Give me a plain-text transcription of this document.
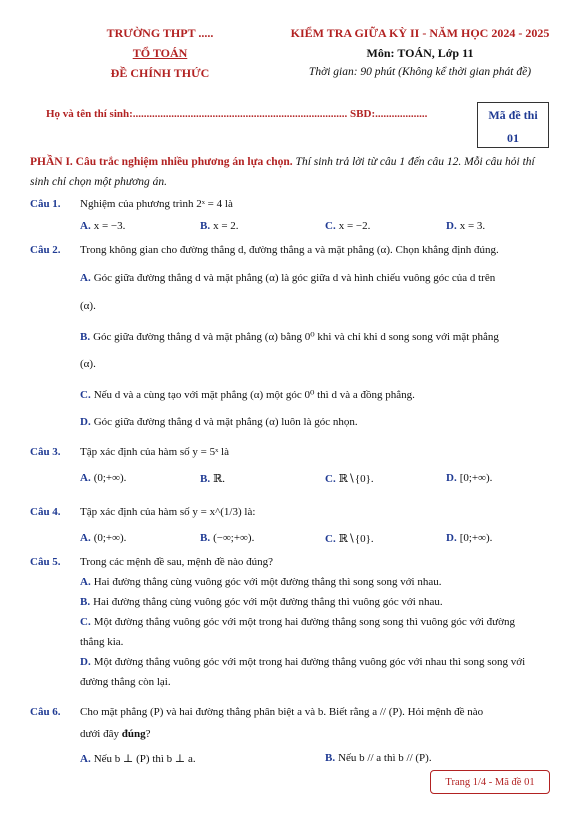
TRƯỜNG THPT .....
TỔ TOÁN
ĐỀ CHÍNH THỨC
KIỂM TRA GIỮA KỲ II - NĂM HỌC 2024 - 2025
Môn: TOÁN, Lớp 11
Thời gian: 90 phút (Không kể thời gian phát đề)
Họ và tên thí sinh:.............................................................................. SBD:...................	Mã đề thi
01
PHẦN I. Câu trắc nghiệm nhiều phương án lựa chọn. Thí sinh trả lời từ câu 1 đến câu 12. Mỗi câu hỏi thí
sinh chỉ chọn một phương án.
Câu 1. Nghiệm của phương trình 2ˣ = 4 là
A. x = −3.	B. x = 2.	C. x = −2.	D. x = 3.
Câu 2. Trong không gian cho đường thẳng d, đường thẳng a và mặt phẳng (α). Chọn khẳng định đúng.
A. Góc giữa đường thẳng d và mặt phẳng (α) là góc giữa d và hình chiếu vuông góc của d trên
(α).
B. Góc giữa đường thẳng d và mặt phẳng (α) bằng 0⁰ khi và chỉ khi d song song với mặt phẳng
(α).
C. Nếu d và a cùng tạo với mặt phẳng (α) một góc 0⁰ thì d và a đồng phẳng.
D. Góc giữa đường thẳng d và mặt phẳng (α) luôn là góc nhọn.
Câu 3. Tập xác định của hàm số y = 5ˣ là
A. (0;+∞).	B. ℝ.	C. ℝ∖{0}.	D. [0;+∞).
Câu 4. Tập xác định của hàm số y = x^(1/3) là:
A. (0;+∞).	B. (−∞;+∞).	C. ℝ∖{0}.	D. [0;+∞).
Câu 5. Trong các mệnh đề sau, mệnh đề nào đúng?
A. Hai đường thẳng cùng vuông góc với một đường thẳng thì song song với nhau.
B. Hai đường thẳng cùng vuông góc với một đường thẳng thì vuông góc với nhau.
C. Một đường thẳng vuông góc với một trong hai đường thẳng song song thì vuông góc với đường
thẳng kia.
D. Một đường thẳng vuông góc với một trong hai đường thẳng vuông góc với nhau thì song song với
đường thẳng còn lại.
Câu 6. Cho mặt phẳng (P) và hai đường thẳng phân biệt a và b. Biết rằng a // (P). Hỏi mệnh đề nào
dưới đây đúng?
A. Nếu b ⊥ (P) thì b ⊥ a.	B. Nếu b // a thì b // (P).
Trang 1/4 - Mã đề 01
